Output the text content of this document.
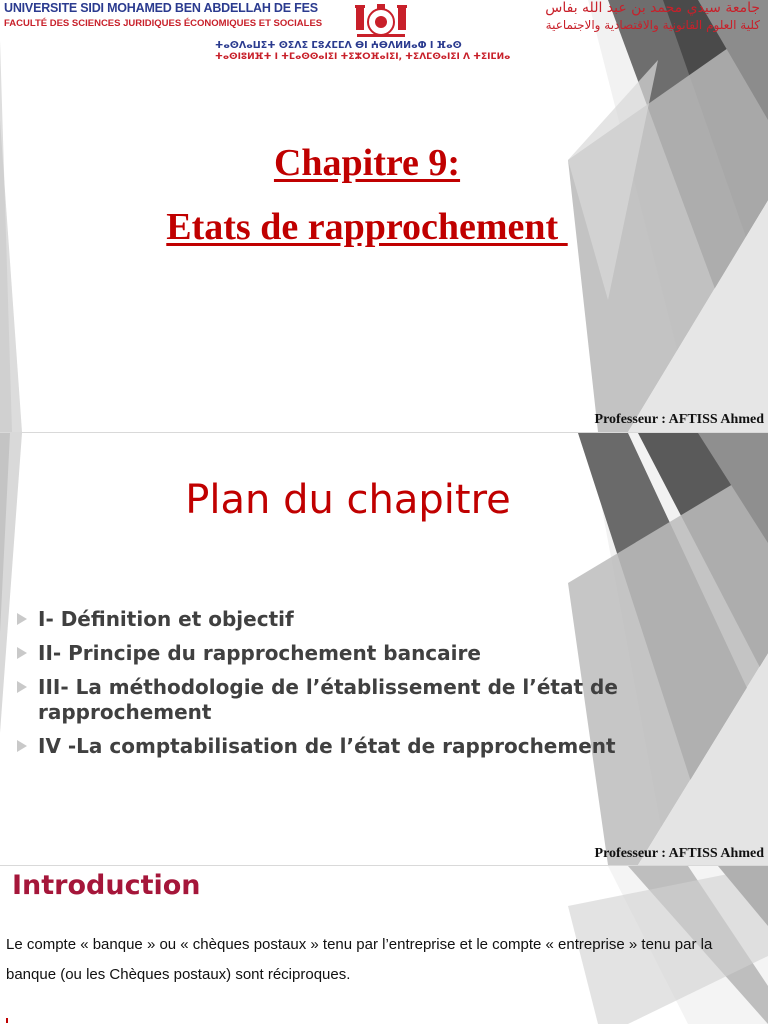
UNIVERSITE SIDI MOHAMED BEN ABDELLAH DE FES
FACULTÉ DES SCIENCES JURIDIQUES ÉCONOMIQUES ET SOCIALES
جامعة سيدي محمد بن عبد الله بفاس
كلية العلوم القانونية والاقتصادية والاجتماعية
ⵜⴰⵙⴷⴰⵡⵉⵜ ⵙⵉⴷⵉ ⵎⵓⵃⵎⵎⴷ ⴱⵏ ⵄⴱⴷⵍⵍⴰⵀ ⵏ ⴼⴰⵙ
ⵜⴰⵙⵏⵓⵍⴼⵜ ⵏ ⵜⵎⴰⵙⵙⴰⵏⵉⵏ ⵜⵉⵣⵔⴼⴰⵏⵉⵏ, ⵜⵉⴷⵎⵙⴰⵏⵉⵏ ⴷ ⵜⵉⵏⵎⵍⴰ
Chapitre 9:
Etats de rapprochement
Professeur : AFTISS Ahmed
Plan du chapitre
I- Définition et objectif
II- Principe du rapprochement bancaire
III- La méthodologie de l’établissement de l’état de rapprochement
IV -La comptabilisation de l’état de rapprochement
Professeur : AFTISS Ahmed
Introduction
Le compte « banque » ou « chèques postaux » tenu par l’entreprise et le compte « entreprise » tenu par la banque (ou les Chèques postaux) sont réciproques.
